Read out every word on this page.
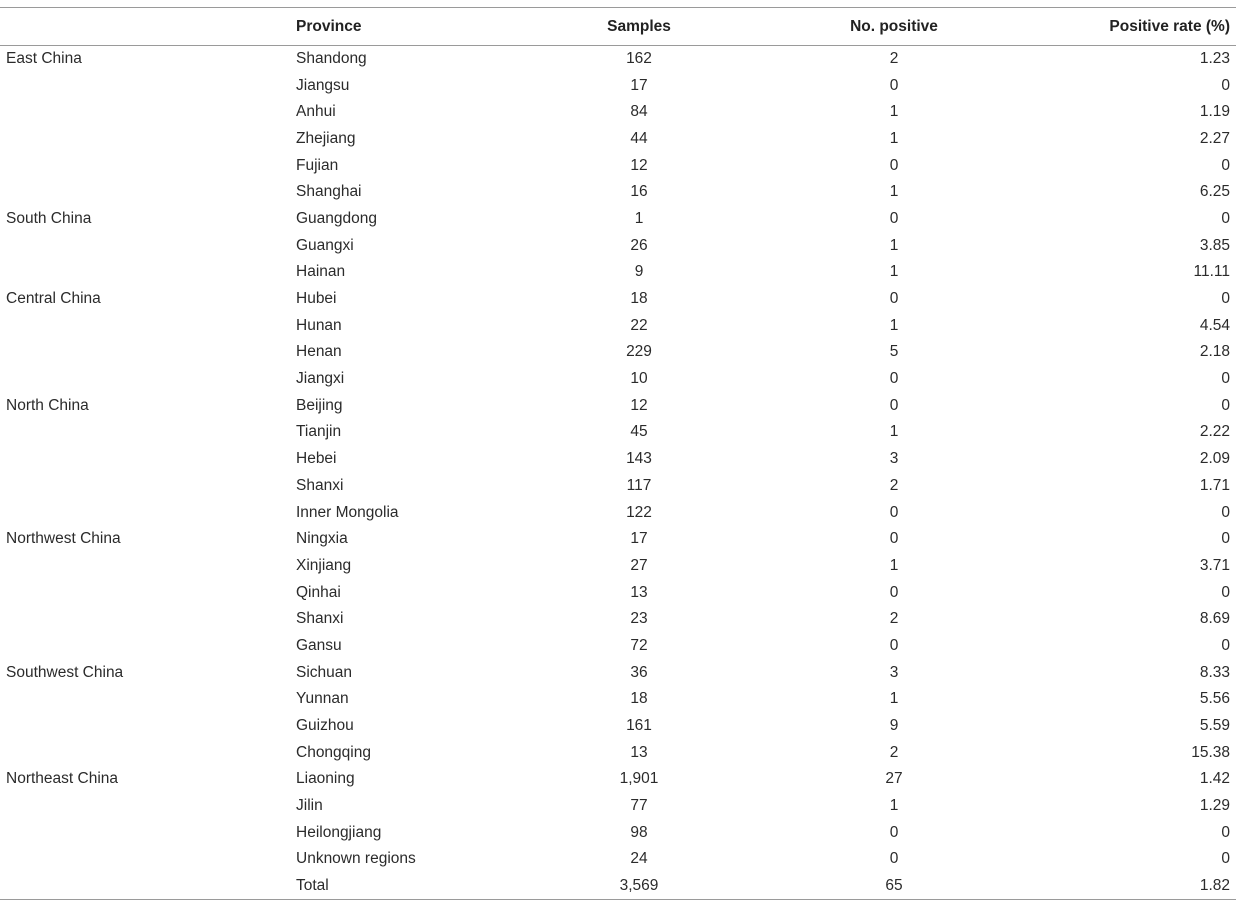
	Province	Samples	No. positive	Positive rate (%)
East China	Shandong	162	2	1.23
	Jiangsu	17	0	0
	Anhui	84	1	1.19
	Zhejiang	44	1	2.27
	Fujian	12	0	0
	Shanghai	16	1	6.25
South China	Guangdong	1	0	0
	Guangxi	26	1	3.85
	Hainan	9	1	11.11
Central China	Hubei	18	0	0
	Hunan	22	1	4.54
	Henan	229	5	2.18
	Jiangxi	10	0	0
North China	Beijing	12	0	0
	Tianjin	45	1	2.22
	Hebei	143	3	2.09
	Shanxi	117	2	1.71
	Inner Mongolia	122	0	0
Northwest China	Ningxia	17	0	0
	Xinjiang	27	1	3.71
	Qinhai	13	0	0
	Shanxi	23	2	8.69
	Gansu	72	0	0
Southwest China	Sichuan	36	3	8.33
	Yunnan	18	1	5.56
	Guizhou	161	9	5.59
	Chongqing	13	2	15.38
Northeast China	Liaoning	1,901	27	1.42
	Jilin	77	1	1.29
	Heilongjiang	98	0	0
	Unknown regions	24	0	0
	Total	3,569	65	1.82
